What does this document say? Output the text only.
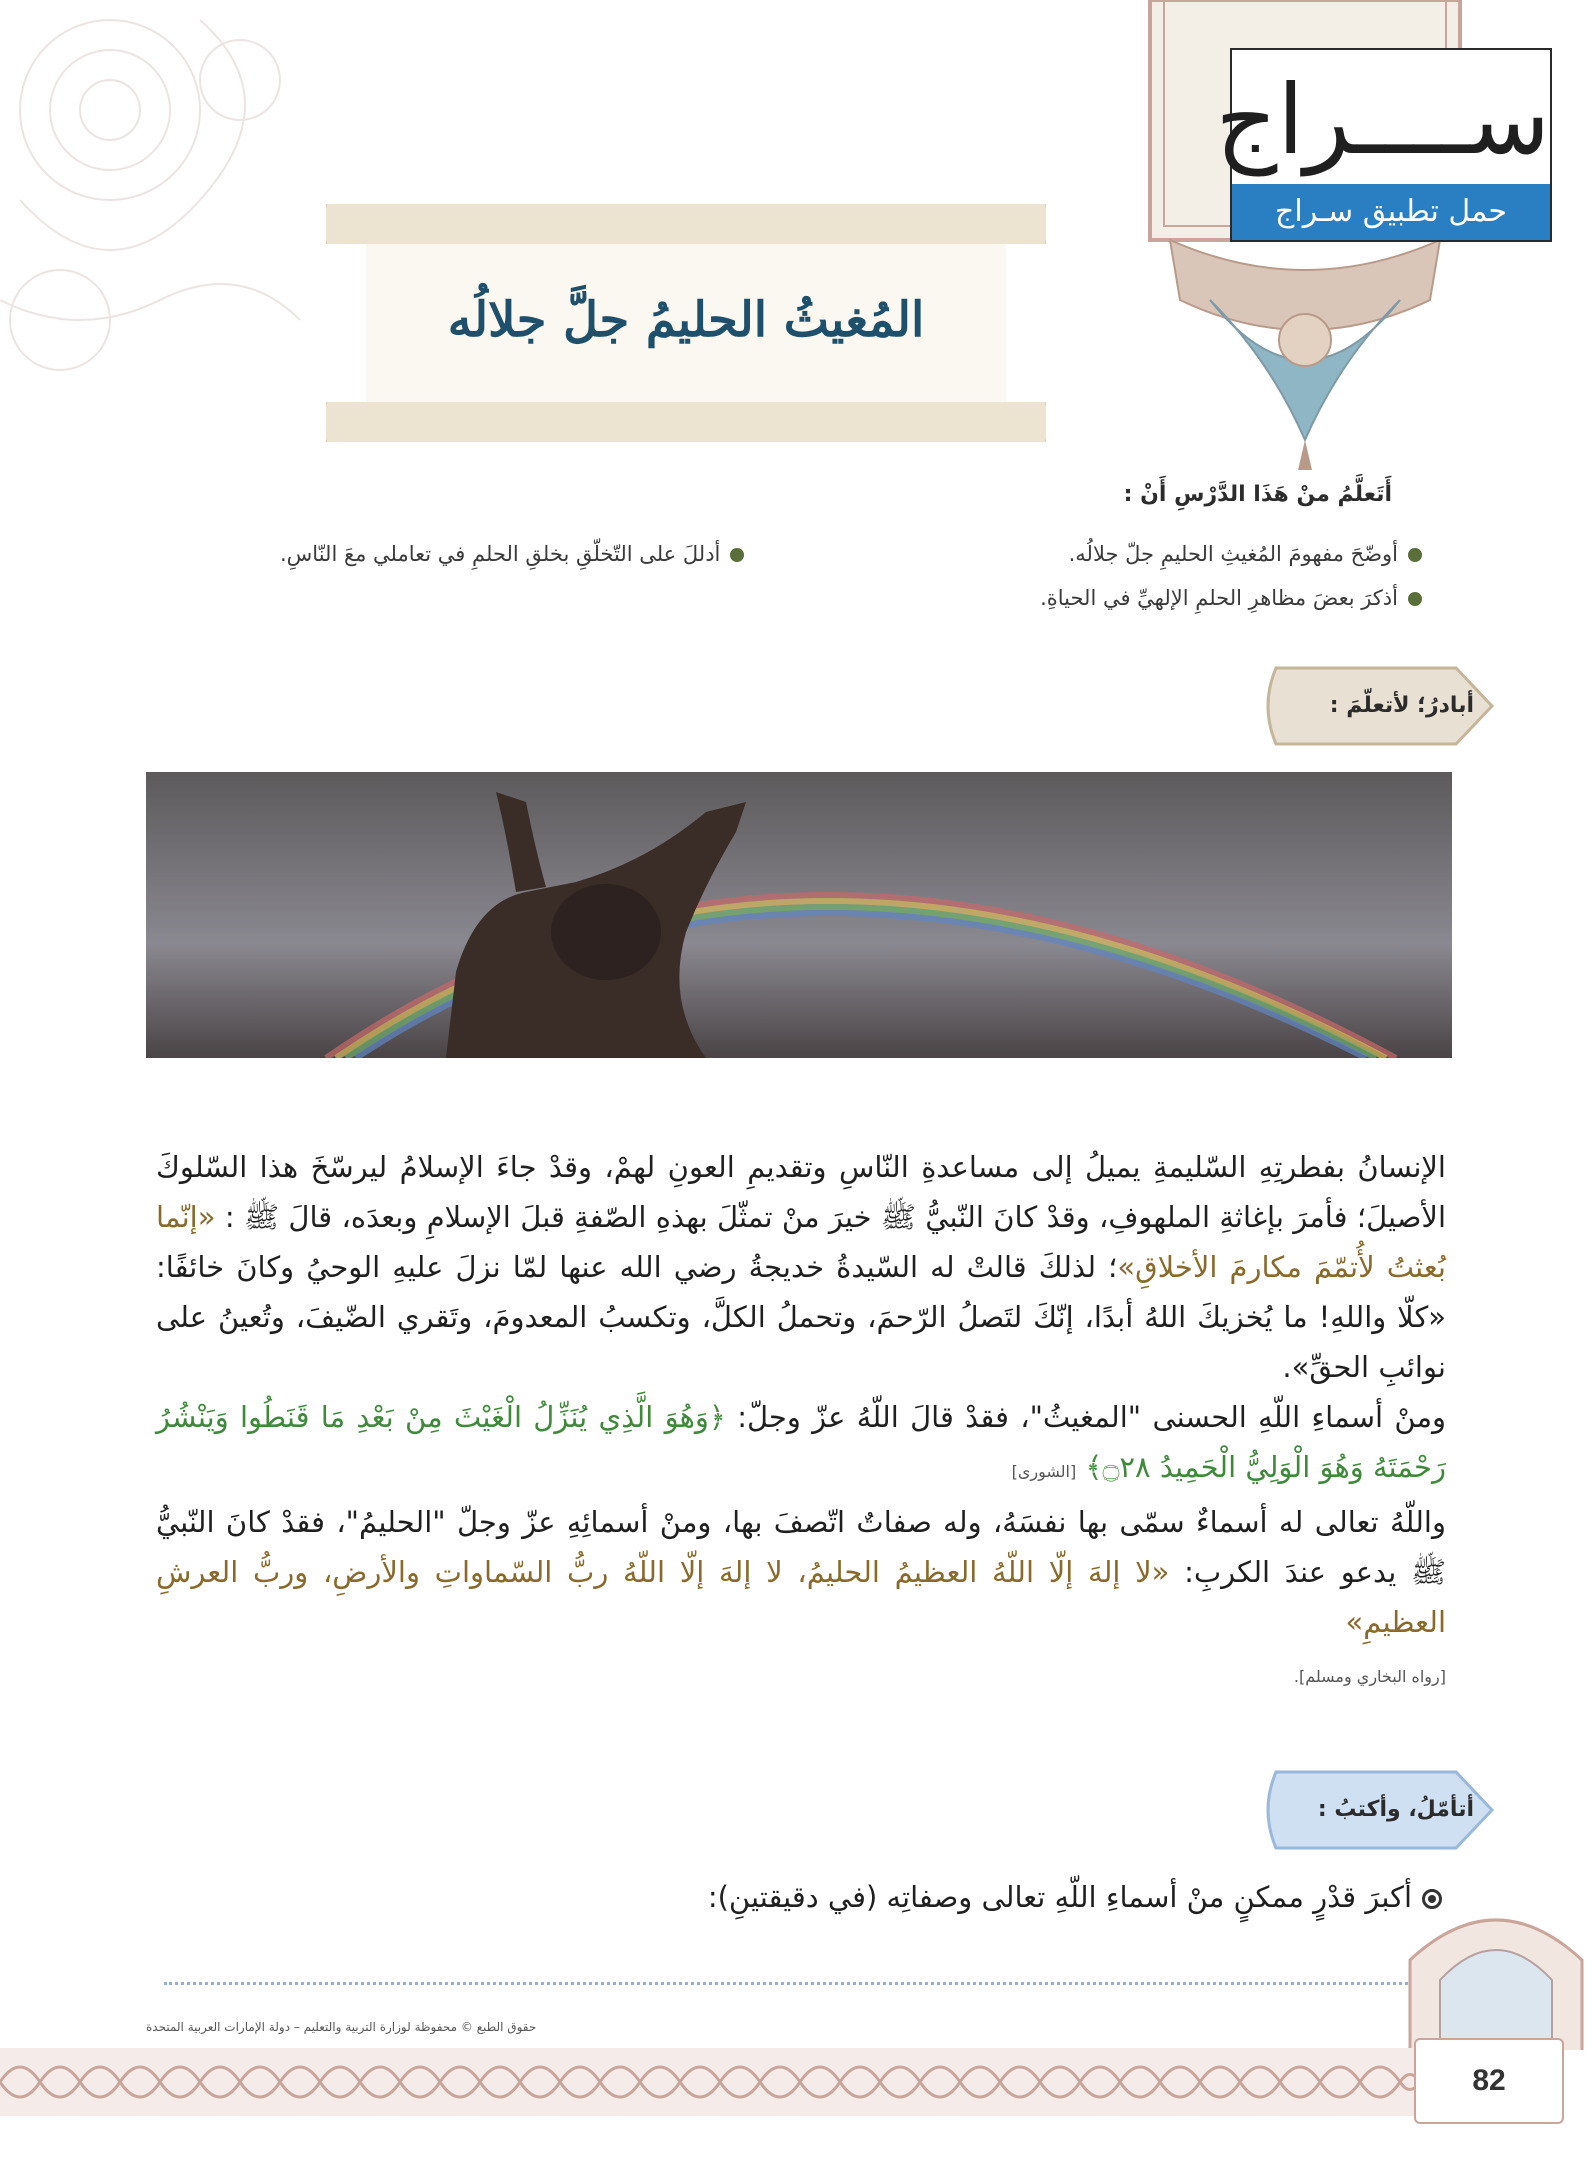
ســــراج
حمل تطبيق سـراج
المُغيثُ الحليمُ جلَّ جلالُه
أَتَعلَّمُ منْ هَذَا الدَّرْسِ أَنْ :
أوضّحَ مفهومَ المُغيثِ الحليمِ جلّ جلالُه.
أذكرَ بعضَ مظاهرِ الحلمِ الإلهيِّ في الحياةِ.
أدللَ على التّخلّقِ بخلقِ الحلمِ في تعاملي معَ النّاسِ.
أبادرُ؛ لأتعلّمَ :
الإنسانُ بفطرتِهِ السّليمةِ يميلُ إلى مساعدةِ النّاسِ وتقديمِ العونِ لهمْ، وقدْ جاءَ الإسلامُ ليرسّخَ هذا السّلوكَ الأصيلَ؛ فأمرَ بإغاثةِ الملهوفِ، وقدْ كانَ النّبيُّ ﷺ خيرَ منْ تمثّلَ بهذهِ الصّفةِ قبلَ الإسلامِ وبعدَه، قالَ ﷺ : «إنّما بُعثتُ لأُتمّمَ مكارمَ الأخلاقِ»؛ لذلكَ قالتْ له السّيدةُ خديجةُ رضي الله عنها لمّا نزلَ عليهِ الوحيُ وكانَ خائفًا: «كلّا واللهِ! ما يُخزيكَ اللهُ أبدًا، إنّكَ لتَصلُ الرّحمَ، وتحملُ الكلَّ، وتكسبُ المعدومَ، وتَقري الضّيفَ، وتُعينُ على نوائبِ الحقِّ».
ومنْ أسماءِ اللّهِ الحسنى "المغيثُ"، فقدْ قالَ اللّهُ عزّ وجلّ: ﴿وَهُوَ الَّذِي يُنَزِّلُ الْغَيْثَ مِنْ بَعْدِ مَا قَنَطُوا وَيَنْشُرُ رَحْمَتَهُ وَهُوَ الْوَلِيُّ الْحَمِيدُ ۝٢٨﴾ [الشورى]
واللّهُ تعالى له أسماءٌ سمّى بها نفسَهُ، وله صفاتٌ اتّصفَ بها، ومنْ أسمائِهِ عزّ وجلّ "الحليمُ"، فقدْ كانَ النّبيُّ ﷺ يدعو عندَ الكربِ: «لا إلهَ إلّا اللّهُ العظيمُ الحليمُ، لا إلهَ إلّا اللّهُ ربُّ السّماواتِ والأرضِ، وربُّ العرشِ العظيمِ»
[رواه البخاري ومسلم].
أتأمّلُ، وأكتبُ :
أكبرَ قدْرٍ ممكنٍ منْ أسماءِ اللّهِ تعالى وصفاتِه (في دقيقتينِ):
حقوق الطبع © محفوظة لوزارة التربية والتعليم – دولة الإمارات العربية المتحدة
82
